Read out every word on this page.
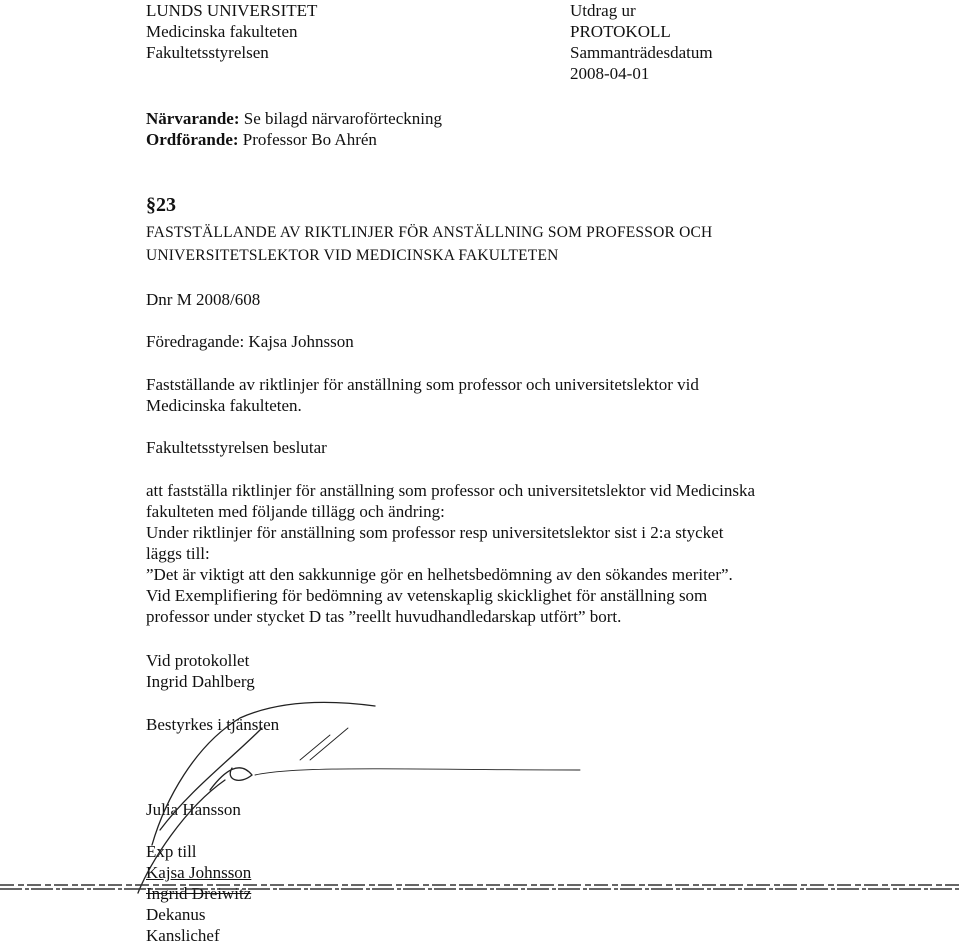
LUNDS UNIVERSITET
Medicinska fakulteten
Fakultetsstyrelsen
Utdrag ur
PROTOKOLL
Sammanträdesdatum
2008-04-01
Närvarande: Se bilagd närvaroförteckning
Ordförande: Professor Bo Ahrén
§23
FASTSTÄLLANDE AV RIKTLINJER FÖR ANSTÄLLNING SOM PROFESSOR OCH
UNIVERSITETSLEKTOR VID MEDICINSKA FAKULTETEN
Dnr M 2008/608
Föredragande: Kajsa Johnsson
Fastställande av riktlinjer för anställning som professor och universitetslektor vid
Medicinska fakulteten.
Fakultetsstyrelsen beslutar
att fastställa riktlinjer för anställning som professor och universitetslektor vid Medicinska
fakulteten med följande tillägg och ändring:
Under riktlinjer för anställning som professor resp universitetslektor sist i 2:a stycket
läggs till:
”Det är viktigt att den sakkunnige gör en helhetsbedömning av den sökandes meriter”.
Vid Exemplifiering för bedömning av vetenskaplig skicklighet för anställning som
professor under stycket D tas ”reellt huvudhandledarskap utfört” bort.
Vid protokollet
Ingrid Dahlberg
Bestyrkes i tjänsten
Julia Hansson
Exp till
Kajsa Johnsson
Ingrid Dreiwitz
Dekanus
Kanslichef
